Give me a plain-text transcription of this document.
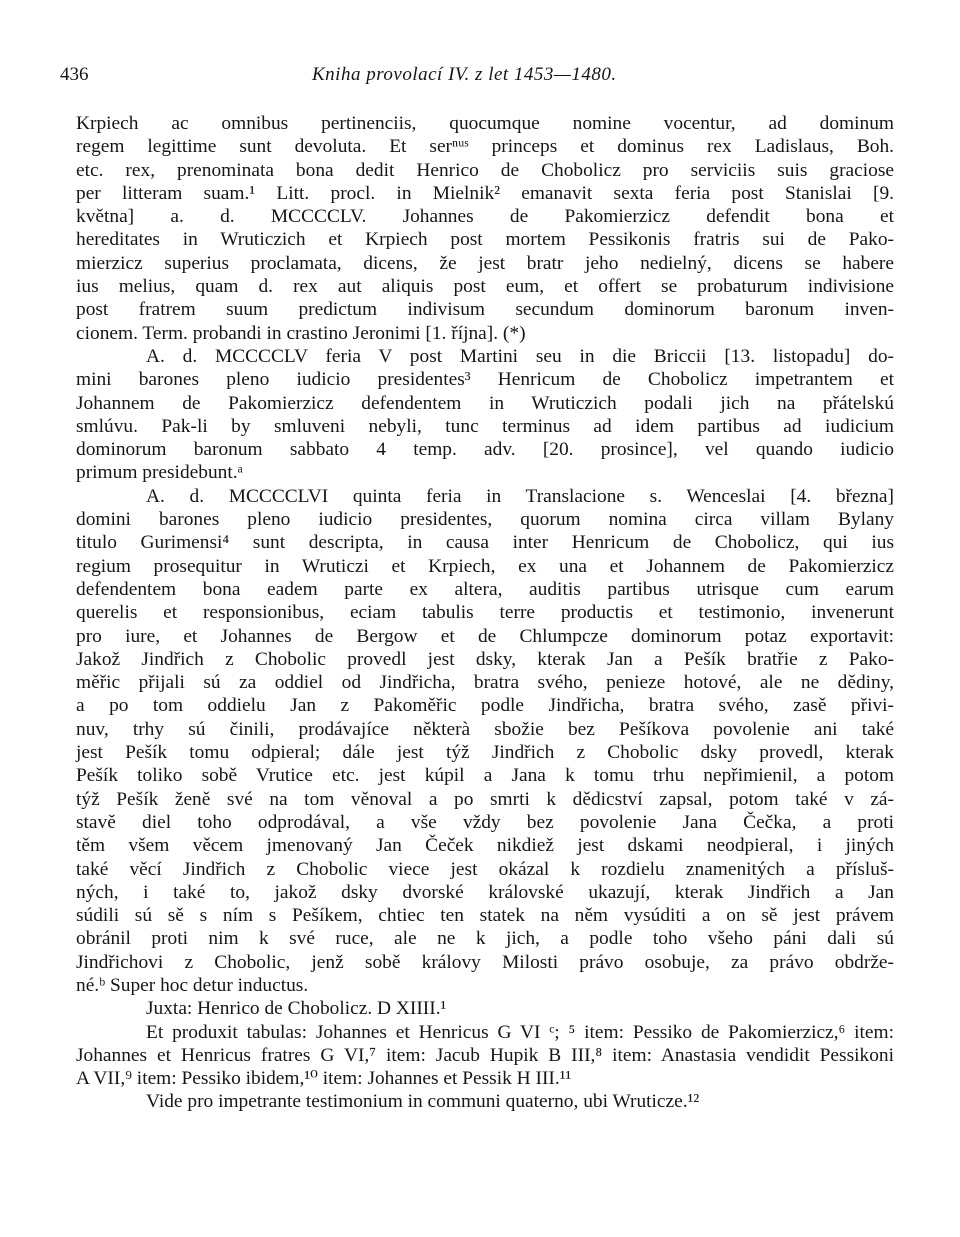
436	Kniha provolací IV. z let 1453—1480.
Krpiech ac omnibus pertinenciis, quocumque nomine vocentur, ad dominum
regem legittime sunt devoluta. Et serⁿᵘˢ princeps et dominus rex Ladislaus, Boh.
etc. rex, prenominata bona dedit Henrico de Chobolicz pro serviciis suis graciose
per litteram suam.¹ Litt. procl. in Mielnik² emanavit sexta feria post Stanislai [9.
května] a. d. MCCCCLV. Johannes de Pakomierzicz defendit bona et
hereditates in Wruticzich et Krpiech post mortem Pessikonis fratris sui de Pako-
mierzicz superius proclamata, dicens, že jest bratr jeho nedielný, dicens se habere
ius melius, quam d. rex aut aliquis post eum, et offert se probaturum indivisione
post fratrem suum predictum indivisum secundum dominorum baronum inven-
cionem. Term. probandi in crastino Jeronimi [1. října]. (*)
A. d. MCCCCLV feria V post Martini seu in die Briccii [13. listopadu] do-
mini barones pleno iudicio presidentes³ Henricum de Chobolicz impetrantem et
Johannem de Pakomierzicz defendentem in Wruticzich podali jich na přátelskú
smlúvu. Pak-li by smluveni nebyli, tunc terminus ad idem partibus ad iudicium
dominorum baronum sabbato 4 temp. adv. [20. prosince], vel quando iudicio
primum presidebunt.ᵃ
A. d. MCCCCLVI quinta feria in Translacione s. Wenceslai [4. března]
domini barones pleno iudicio presidentes, quorum nomina circa villam Bylany
titulo Gurimensi⁴ sunt descripta, in causa inter Henricum de Chobolicz, qui ius
regium prosequitur in Wruticzi et Krpiech, ex una et Johannem de Pakomierzicz
defendentem bona eadem parte ex altera, auditis partibus utrisque cum earum
querelis et responsionibus, eciam tabulis terre productis et testimonio, invenerunt
pro iure, et Johannes de Bergow et de Chlumpcze dominorum potaz exportavit:
Jakož Jindřich z Chobolic provedl jest dsky, kterak Jan a Pešík bratřie z Pako-
měřic přijali sú za oddiel od Jindřicha, bratra svého, penieze hotové, ale ne dědiny,
a po tom oddielu Jan z Pakoměřic podle Jindřicha, bratra svého, zasě přivi-
nuv, trhy sú činili, prodávajíce některà sbožie bez Pešíkova povolenie ani také
jest Pešík tomu odpieral; dále jest týž Jindřich z Chobolic dsky provedl, kterak
Pešík toliko sobě Vrutice etc. jest kúpil a Jana k tomu trhu nepřimienil, a potom
týž Pešík ženě své na tom věnoval a po smrti k dědicství zapsal, potom také v zá-
stavě diel toho odprodával, a vše vždy bez povolenie Jana Čečka, a proti
těm všem věcem jmenovaný Jan Čeček nikdiež jest dskami neodpieral, i jiných
také věcí Jindřich z Chobolic viece jest okázal k rozdielu znamenitých a přísluš-
ných, i také to, jakož dsky dvorské královské ukazují, kterak Jindřich a Jan
súdili sú sě s ním s Pešíkem, chtiec ten statek na něm vysúditi a on sě jest právem
obránil proti nim k své ruce, ale ne k jich, a podle toho všeho páni dali sú
Jindřichovi z Chobolic, jenž sobě královy Milosti právo osobuje, za právo obdrže-
né.ᵇ Super hoc detur inductus.
Juxta: Henrico de Chobolicz. D XIIII.¹
Et produxit tabulas: Johannes et Henricus G VI ᶜ; ⁵ item: Pessiko de Pakomierzicz,⁶ item:
Johannes et Henricus fratres G VI,⁷ item: Jacub Hupik B III,⁸ item: Anastasia vendidit Pessikoni
A VII,⁹ item: Pessiko ibidem,¹⁰ item: Johannes et Pessik H III.¹¹
Vide pro impetrante testimonium in communi quaterno, ubi Wruticze.¹²
